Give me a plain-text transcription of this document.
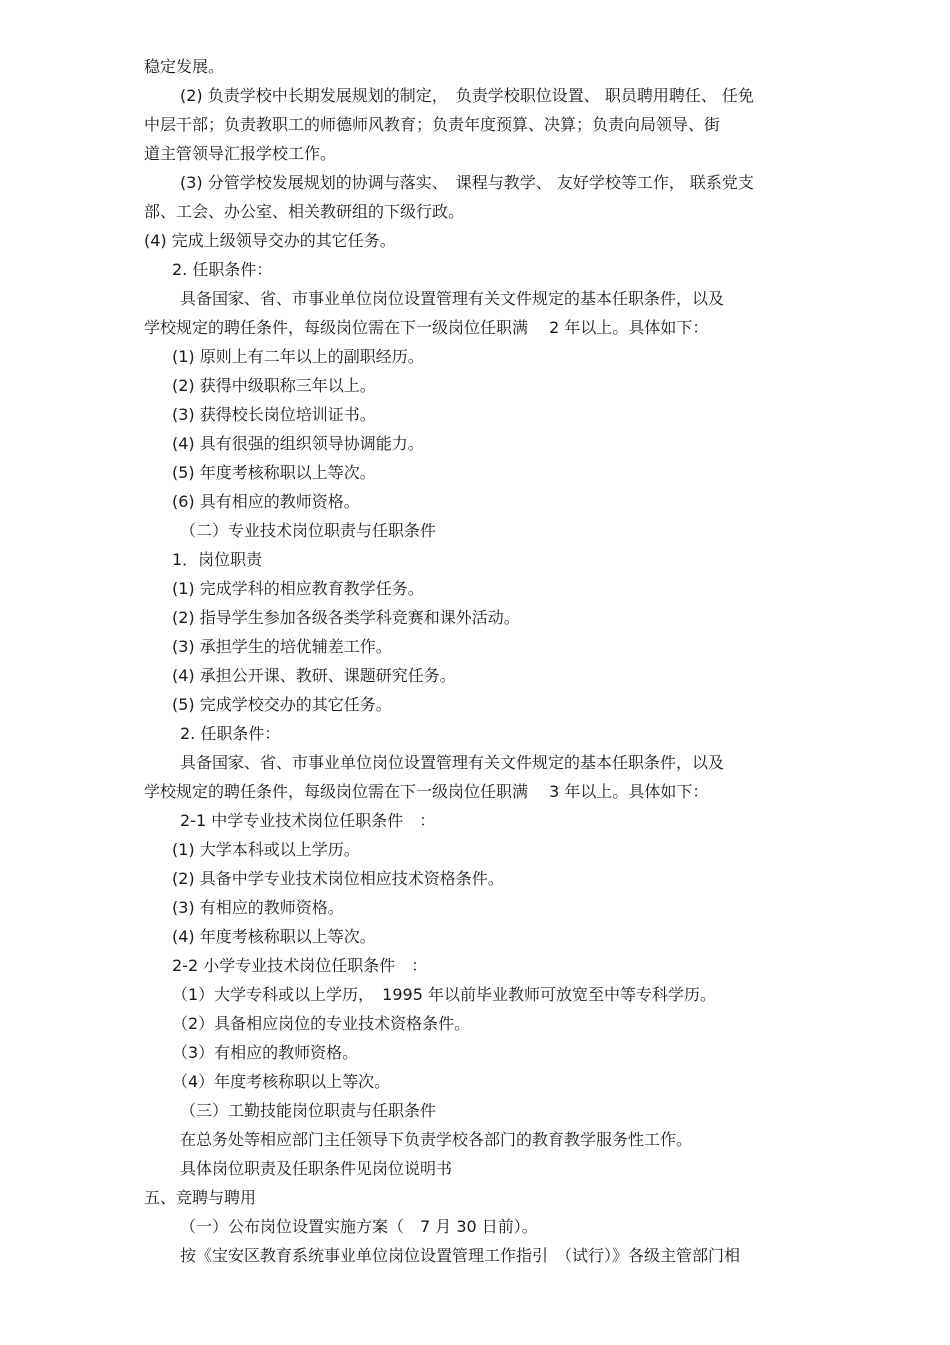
稳定发展。
(2) 负责学校中长期发展规划的制定，　负责学校职位设置、 职员聘用聘任、 任免
中层干部；负责教职工的师德师风教育；负责年度预算、决算；负责向局领导、街
道主管领导汇报学校工作。
(3) 分管学校发展规划的协调与落实、　课程与教学、 友好学校等工作， 联系党支
部、工会、办公室、相关教研组的下级行政。
(4) 完成上级领导交办的其它任务。
2. 任职条件：
具备国家、省、市事业单位岗位设置管理有关文件规定的基本任职条件，以及
学校规定的聘任条件，每级岗位需在下一级岗位任职满　 2 年以上。具体如下：
(1) 原则上有二年以上的副职经历。
(2) 获得中级职称三年以上。
(3) 获得校长岗位培训证书。
(4) 具有很强的组织领导协调能力。
(5) 年度考核称职以上等次。
(6) 具有相应的教师资格。
（二）专业技术岗位职责与任职条件
1．岗位职责
(1) 完成学科的相应教育教学任务。
(2) 指导学生参加各级各类学科竞赛和课外活动。
(3) 承担学生的培优辅差工作。
(4) 承担公开课、教研、课题研究任务。
(5) 完成学校交办的其它任务。
2. 任职条件：
具备国家、省、市事业单位岗位设置管理有关文件规定的基本任职条件，以及
学校规定的聘任条件，每级岗位需在下一级岗位任职满　 3 年以上。具体如下：
2-1 中学专业技术岗位任职条件　：
(1) 大学本科或以上学历。
(2) 具备中学专业技术岗位相应技术资格条件。
(3) 有相应的教师资格。
(4) 年度考核称职以上等次。
2-2 小学专业技术岗位任职条件　：
（1）大学专科或以上学历，　1995 年以前毕业教师可放宽至中等专科学历。
（2）具备相应岗位的专业技术资格条件。
（3）有相应的教师资格。
（4）年度考核称职以上等次。
（三）工勤技能岗位职责与任职条件
在总务处等相应部门主任领导下负责学校各部门的教育教学服务性工作。
具体岗位职责及任职条件见岗位说明书
五、竞聘与聘用
（一）公布岗位设置实施方案（　7 月 30 日前）。
按《宝安区教育系统事业单位岗位设置管理工作指引　（试行）》各级主管部门相
